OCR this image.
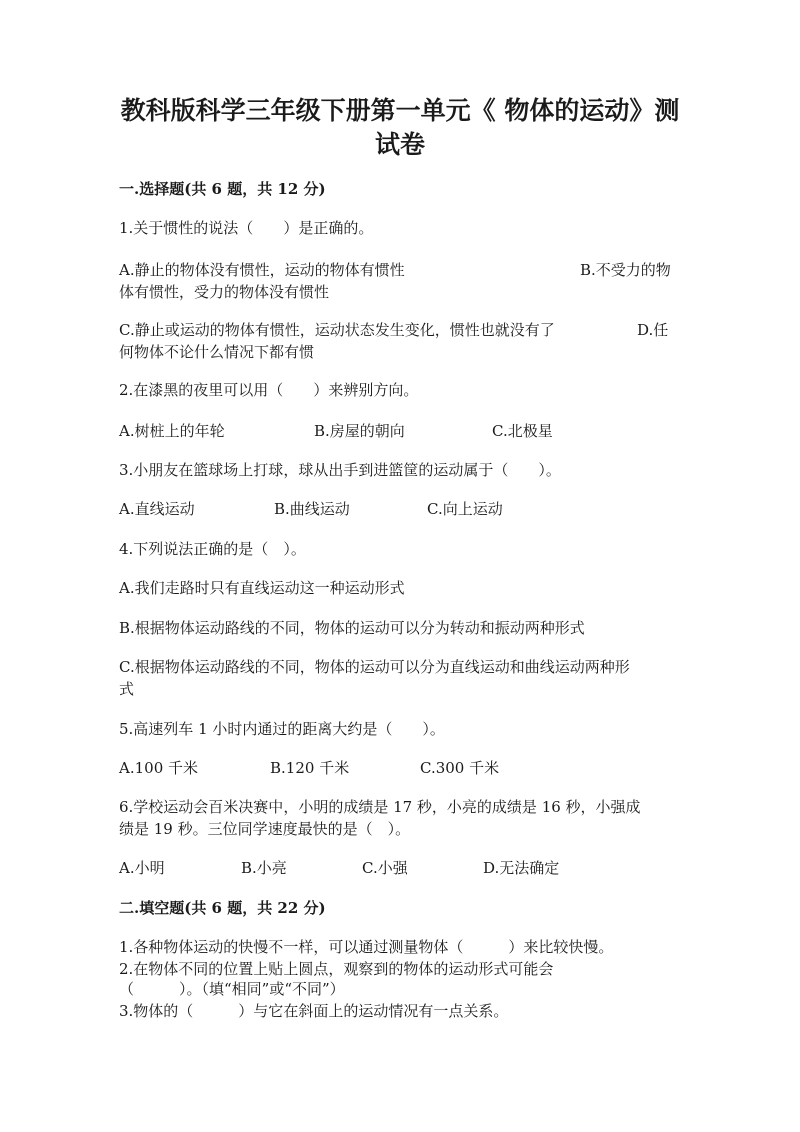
教科版科学三年级下册第一单元《 物体的运动》测
试卷
一.选择题(共 6 题，共 12 分)
1.关于惯性的说法（　　）是正确的。
A.静止的物体没有惯性，运动的物体有惯性	B.不受力的物
体有惯性，受力的物体没有惯性
C.静止或运动的物体有惯性，运动状态发生变化，惯性也就没有了	D.任
何物体不论什么情况下都有惯
2.在漆黑的夜里可以用（　　）来辨别方向。
A.树桩上的年轮	B.房屋的朝向	C.北极星
3.小朋友在篮球场上打球，球从出手到进篮筐的运动属于（　　）。
A.直线运动	B.曲线运动	C.向上运动
4.下列说法正确的是（　）。
A.我们走路时只有直线运动这一种运动形式
B.根据物体运动路线的不同，物体的运动可以分为转动和振动两种形式
C.根据物体运动路线的不同，物体的运动可以分为直线运动和曲线运动两种形
式
5.高速列车 1 小时内通过的距离大约是（　　）。
A.100 千米	B.120 千米	C.300 千米
6.学校运动会百米决赛中，小明的成绩是 17 秒，小亮的成绩是 16 秒，小强成
绩是 19 秒。三位同学速度最快的是（　）。
A.小明	B.小亮	C.小强	D.无法确定
二.填空题(共 6 题，共 22 分)
1.各种物体运动的快慢不一样，可以通过测量物体（　　　）来比较快慢。
2.在物体不同的位置上贴上圆点，观察到的物体的运动形式可能会
（　　　）。（填“相同”或“不同”）
3.物体的（　　　）与它在斜面上的运动情况有一点关系。
